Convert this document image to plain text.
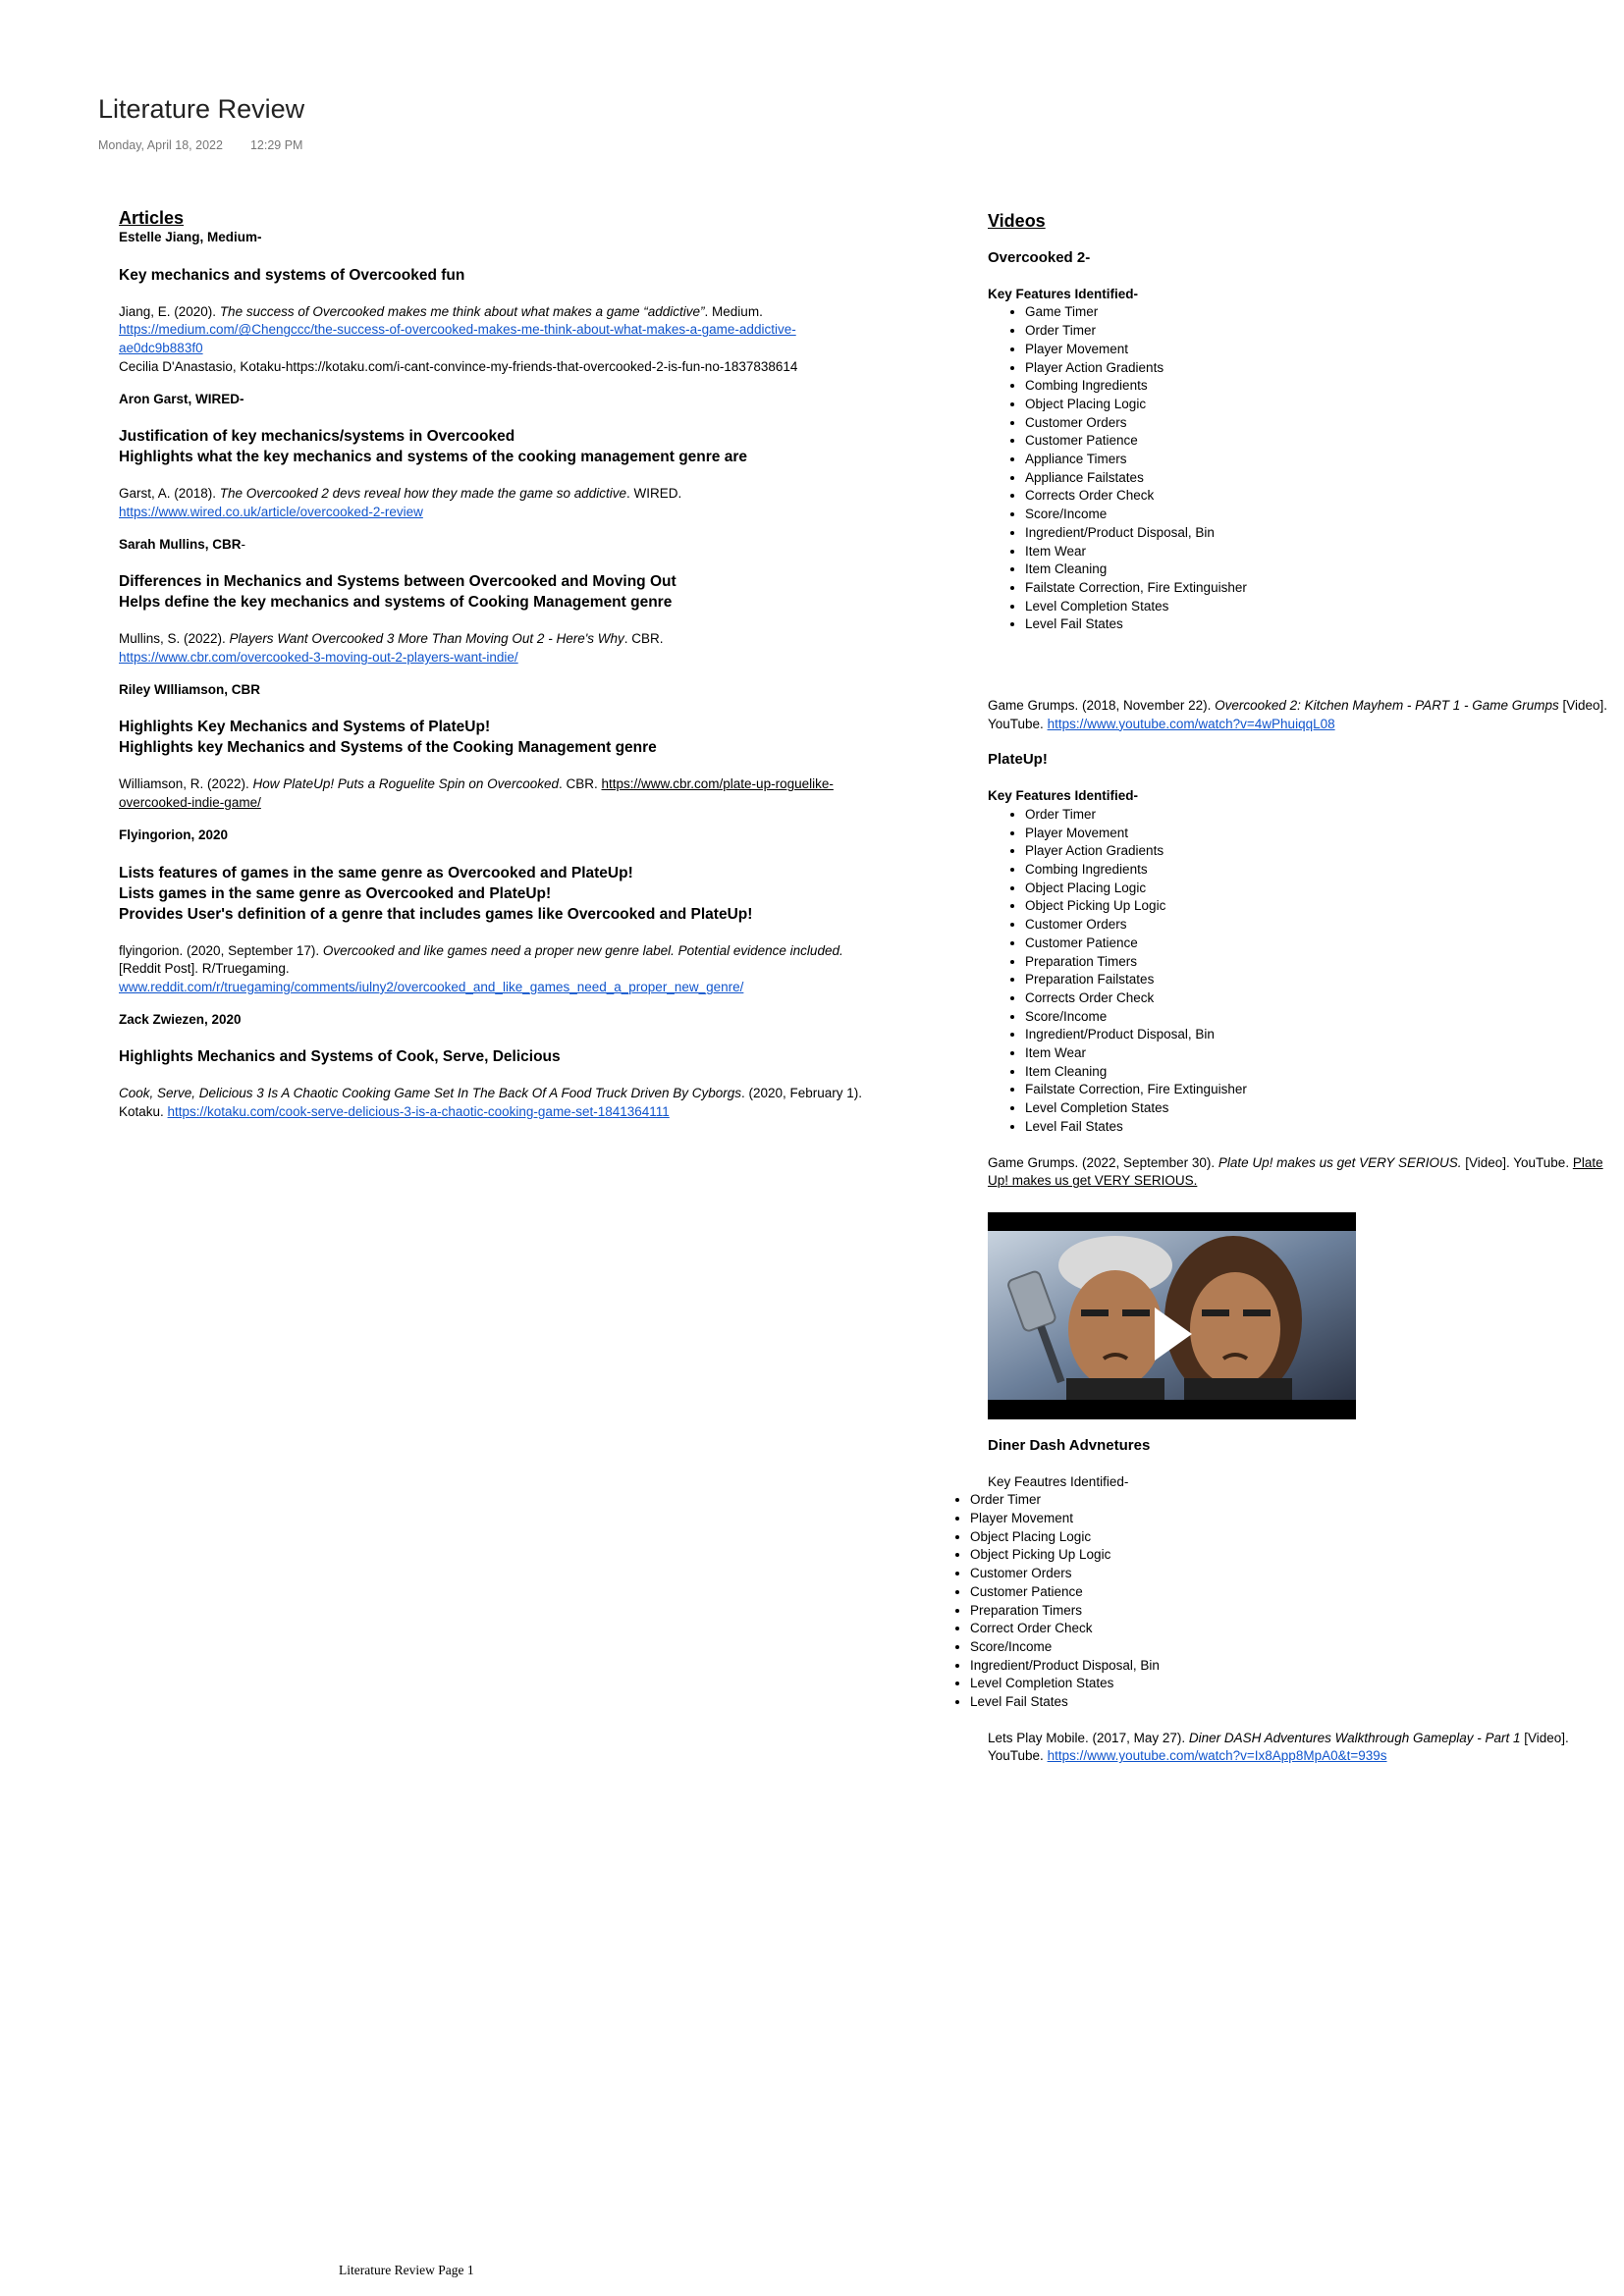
Literature Review
Monday, April 18, 2022 12:29 PM
Articles
Estelle Jiang, Medium-
Key mechanics and systems of Overcooked fun
Jiang, E. (2020). The success of Overcooked makes me think about what makes a game “addictive”. Medium.
https://medium.com/@Chengccc/the-success-of-overcooked-makes-me-think-about-what-makes-a-game-addictive-ae0dc9b883f0
Cecilia D'Anastasio, Kotaku-https://kotaku.com/i-cant-convince-my-friends-that-overcooked-2-is-fun-no-1837838614
Aron Garst, WIRED-
Justification of key mechanics/systems in Overcooked
Highlights what the key mechanics and systems of the cooking management genre are
Garst, A. (2018). The Overcooked 2 devs reveal how they made the game so addictive. WIRED.
https://www.wired.co.uk/article/overcooked-2-review
Sarah Mullins, CBR-
Differences in Mechanics and Systems between Overcooked and Moving Out
Helps define the key mechanics and systems of Cooking Management genre
Mullins, S. (2022). Players Want Overcooked 3 More Than Moving Out 2 - Here's Why. CBR.
https://www.cbr.com/overcooked-3-moving-out-2-players-want-indie/
Riley WIlliamson, CBR
Highlights Key Mechanics and Systems of PlateUp!
Highlights key Mechanics and Systems of the Cooking Management genre
Williamson, R. (2022). How PlateUp! Puts a Roguelite Spin on Overcooked. CBR. https://www.cbr.com/plate-up-roguelike-overcooked-indie-game/
Flyingorion, 2020
Lists features of games in the same genre as Overcooked and PlateUp!
Lists games in the same genre as Overcooked and PlateUp!
Provides User's definition of a genre that includes games like Overcooked and PlateUp!
flyingorion. (2020, September 17). Overcooked and like games need a proper new genre label. Potential evidence included. [Reddit Post]. R/Truegaming.
www.reddit.com/r/truegaming/comments/iulny2/overcooked_and_like_games_need_a_proper_new_genre/
Zack Zwiezen, 2020
Highlights Mechanics and Systems of Cook, Serve, Delicious
Cook, Serve, Delicious 3 Is A Chaotic Cooking Game Set In The Back Of A Food Truck Driven By Cyborgs. (2020, February 1). Kotaku. https://kotaku.com/cook-serve-delicious-3-is-a-chaotic-cooking-game-set-1841364111
Videos
Overcooked 2-
Key Features Identified-
• Game Timer
• Order Timer
• Player Movement
• Player Action Gradients
• Combing Ingredients
• Object Placing Logic
• Customer Orders
• Customer Patience
• Appliance Timers
• Appliance Failstates
• Corrects Order Check
• Score/Income
• Ingredient/Product Disposal, Bin
• Item Wear
• Item Cleaning
• Failstate Correction, Fire Extinguisher
• Level Completion States
• Level Fail States
Game Grumps. (2018, November 22). Overcooked 2: Kitchen Mayhem - PART 1 - Game Grumps [Video]. YouTube. https://www.youtube.com/watch?v=4wPhuiqqL08
PlateUp!
Key Features Identified-
• Order Timer
• Player Movement
• Player Action Gradients
• Combing Ingredients
• Object Placing Logic
• Object Picking Up Logic
• Customer Orders
• Customer Patience
• Preparation Timers
• Preparation Failstates
• Corrects Order Check
• Score/Income
• Ingredient/Product Disposal, Bin
• Item Wear
• Item Cleaning
• Failstate Correction, Fire Extinguisher
• Level Completion States
• Level Fail States
Game Grumps. (2022, September 30). Plate Up! makes us get VERY SERIOUS. [Video]. YouTube. Plate Up! makes us get VERY SERIOUS.
Diner Dash Advnetures
Key Feautres Identified-
• Order Timer
• Player Movement
• Object Placing Logic
• Object Picking Up Logic
• Customer Orders
• Customer Patience
• Preparation Timers
• Correct Order Check
• Score/Income
• Ingredient/Product Disposal, Bin
• Level Completion States
• Level Fail States
Lets Play Mobile. (2017, May 27). Diner DASH Adventures Walkthrough Gameplay - Part 1 [Video]. YouTube. https://www.youtube.com/watch?v=Ix8App8MpA0&t=939s
Literature Review Page 1
